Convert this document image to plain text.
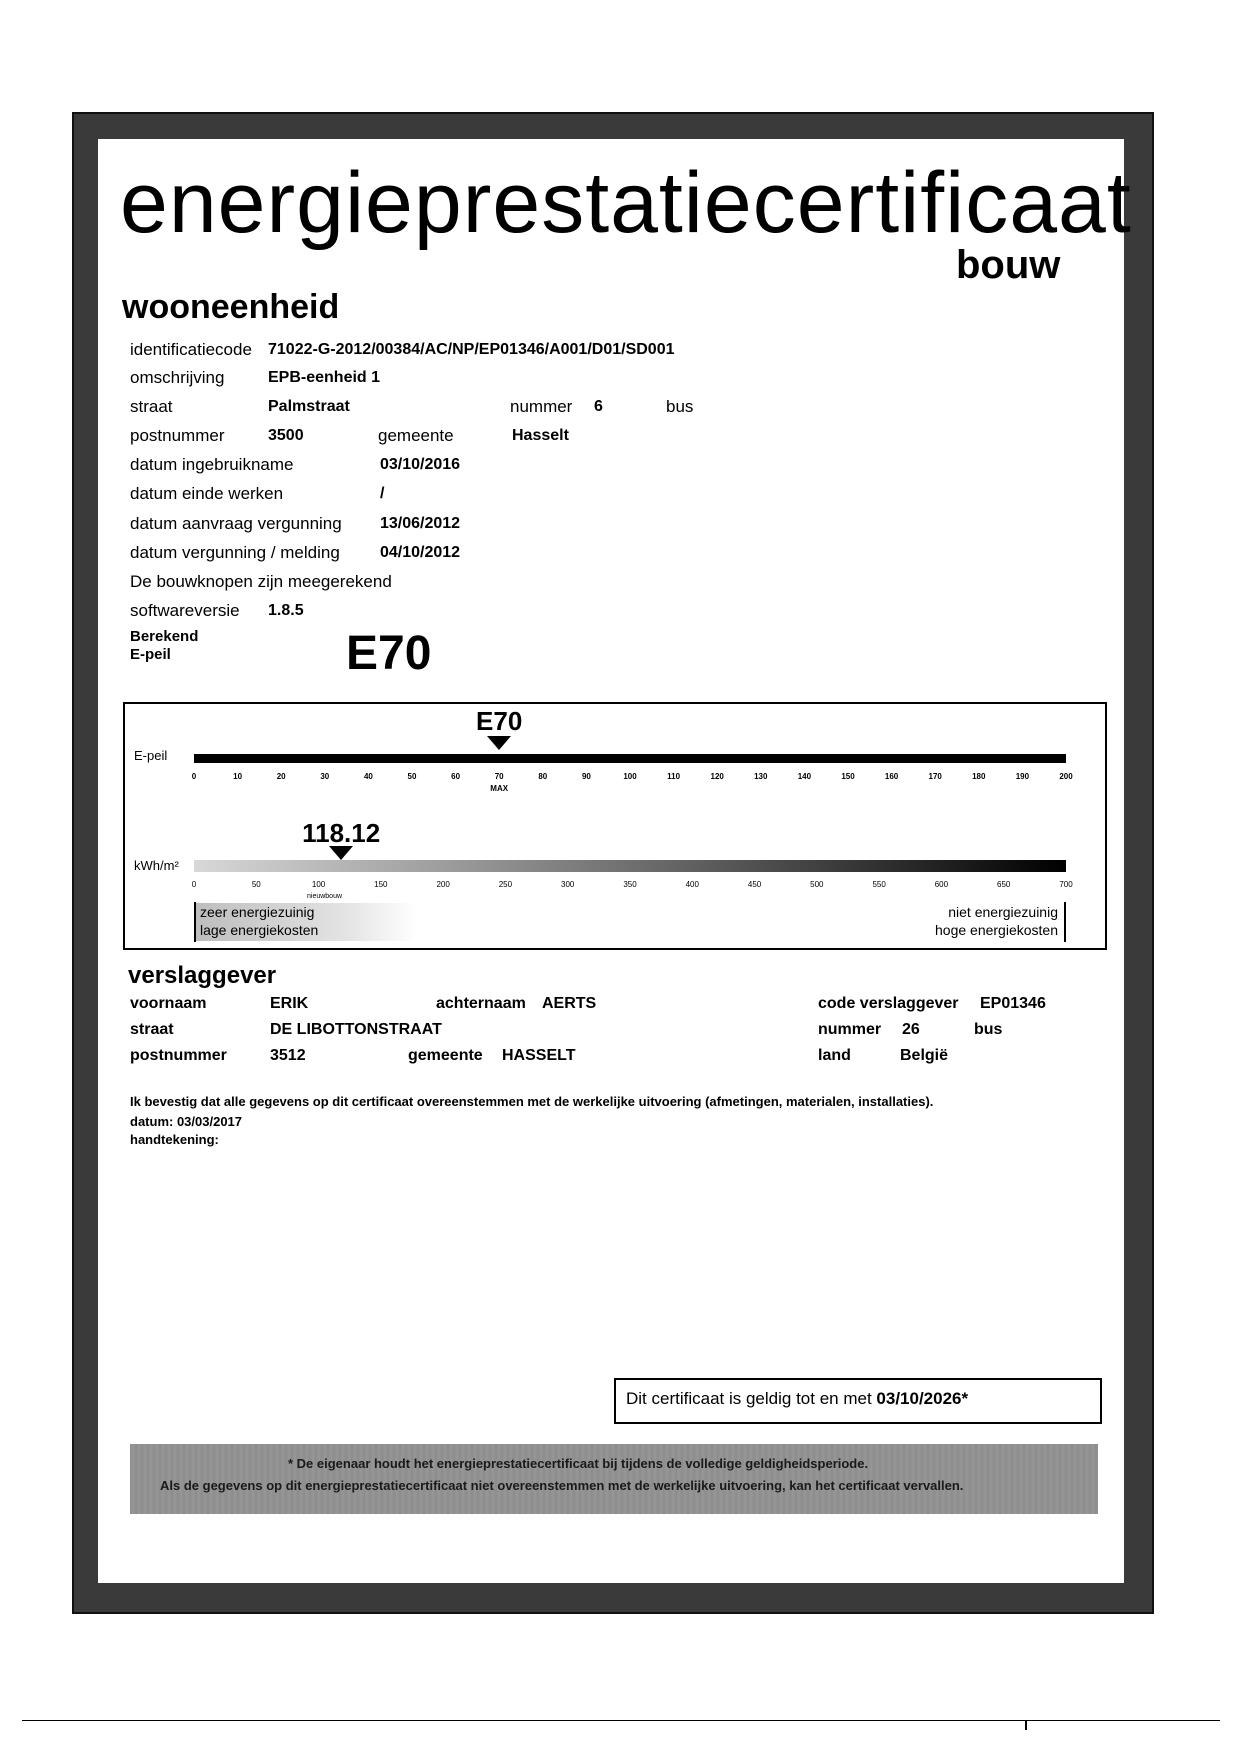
energieprestatiecertificaat
bouw
wooneenheid
identificatiecode 71022-G-2012/00384/AC/NP/EP01346/A001/D01/SD001
omschrijving	EPB-eenheid 1
straat	Palmstraat	nummer 6	bus
postnummer	3500	gemeente	Hasselt
datum ingebruikname	03/10/2016
datum einde werken	/
datum aanvraag vergunning 13/06/2012
datum vergunning / melding	04/10/2012
De bouwknopen zijn meegerekend
softwareversie 1.8.5
Berekend
E-peil	E70
E70
E-peil
0	10	20	30	40	50	60	70	80	90	100	110	120	130	140	150	160	170	180	190	200
MAX
118.12
kWh/m²
0	50	100	150	200	250	300	350	400	450	500	550	600	650	700
nieuwbouw
zeer energiezuinig
lage energiekosten
niet energiezuinig
hoge energiekosten
verslaggever
voornaam	ERIK	achternaam AERTS	code verslaggever EP01346
straat	DE LIBOTTONSTRAAT	nummer 26	bus
postnummer	3512	gemeente HASSELT	land	België
Ik bevestig dat alle gegevens op dit certificaat overeenstemmen met de werkelijke uitvoering (afmetingen, materialen, installaties).
datum: 03/03/2017
handtekening:
Dit certificaat is geldig tot en met 03/10/2026*
* De eigenaar houdt het energieprestatiecertificaat bij tijdens de volledige geldigheidsperiode.
Als de gegevens op dit energieprestatiecertificaat niet overeenstemmen met de werkelijke uitvoering, kan het certificaat vervallen.
